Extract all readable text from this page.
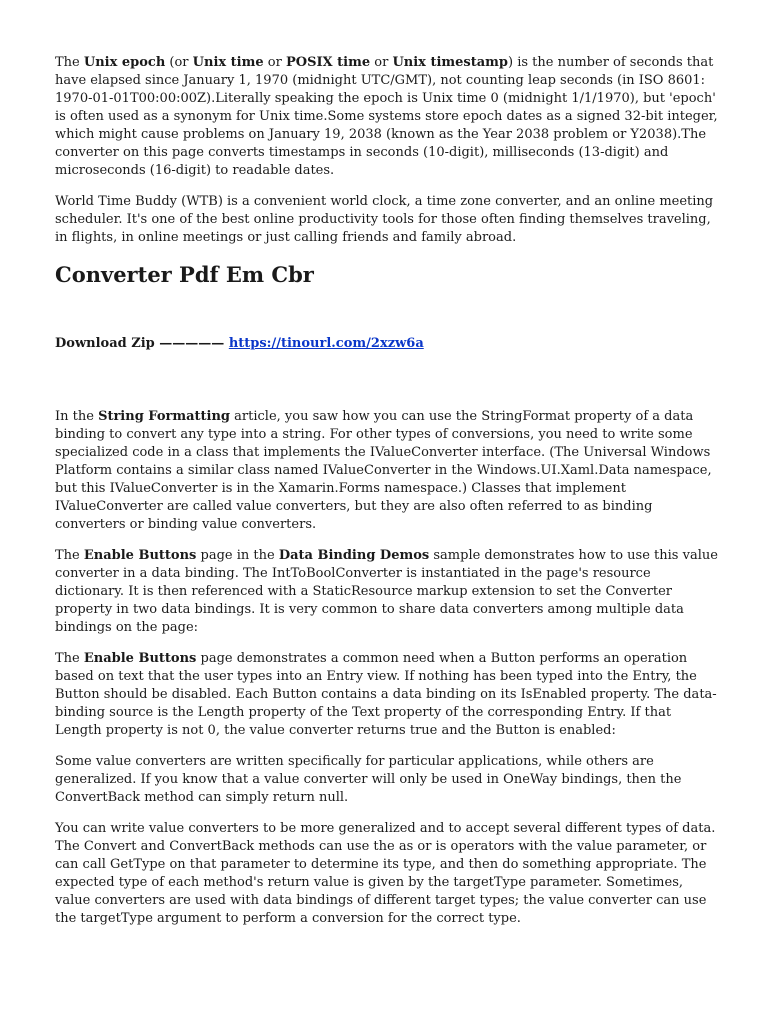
The Unix epoch (or Unix time or POSIX time or Unix timestamp) is the number of seconds that have elapsed since January 1, 1970 (midnight UTC/GMT), not counting leap seconds (in ISO 8601: 1970-01-01T00:00:00Z).Literally speaking the epoch is Unix time 0 (midnight 1/1/1970), but 'epoch' is often used as a synonym for Unix time.Some systems store epoch dates as a signed 32-bit integer, which might cause problems on January 19, 2038 (known as the Year 2038 problem or Y2038).The converter on this page converts timestamps in seconds (10-digit), milliseconds (13-digit) and microseconds (16-digit) to readable dates.

World Time Buddy (WTB) is a convenient world clock, a time zone converter, and an online meeting scheduler. It's one of the best online productivity tools for those often finding themselves traveling, in flights, in online meetings or just calling friends and family abroad.

Converter Pdf Em Cbr
Download Zip ————— https://tinourl.com/2xzw6a

In the String Formatting article, you saw how you can use the StringFormat property of a data binding to convert any type into a string. For other types of conversions, you need to write some specialized code in a class that implements the IValueConverter interface. (The Universal Windows Platform contains a similar class named IValueConverter in the Windows.UI.Xaml.Data namespace, but this IValueConverter is in the Xamarin.Forms namespace.) Classes that implement IValueConverter are called value converters, but they are also often referred to as binding converters or binding value converters.

The Enable Buttons page in the Data Binding Demos sample demonstrates how to use this value converter in a data binding. The IntToBoolConverter is instantiated in the page's resource dictionary. It is then referenced with a StaticResource markup extension to set the Converter property in two data bindings. It is very common to share data converters among multiple data bindings on the page:

The Enable Buttons page demonstrates a common need when a Button performs an operation based on text that the user types into an Entry view. If nothing has been typed into the Entry, the Button should be disabled. Each Button contains a data binding on its IsEnabled property. The data-binding source is the Length property of the Text property of the corresponding Entry. If that Length property is not 0, the value converter returns true and the Button is enabled:

Some value converters are written specifically for particular applications, while others are generalized. If you know that a value converter will only be used in OneWay bindings, then the ConvertBack method can simply return null.

You can write value converters to be more generalized and to accept several different types of data. The Convert and ConvertBack methods can use the as or is operators with the value parameter, or can call GetType on that parameter to determine its type, and then do something appropriate. The expected type of each method's return value is given by the targetType parameter. Sometimes, value converters are used with data bindings of different target types; the value converter can use the targetType argument to perform a conversion for the correct type.
